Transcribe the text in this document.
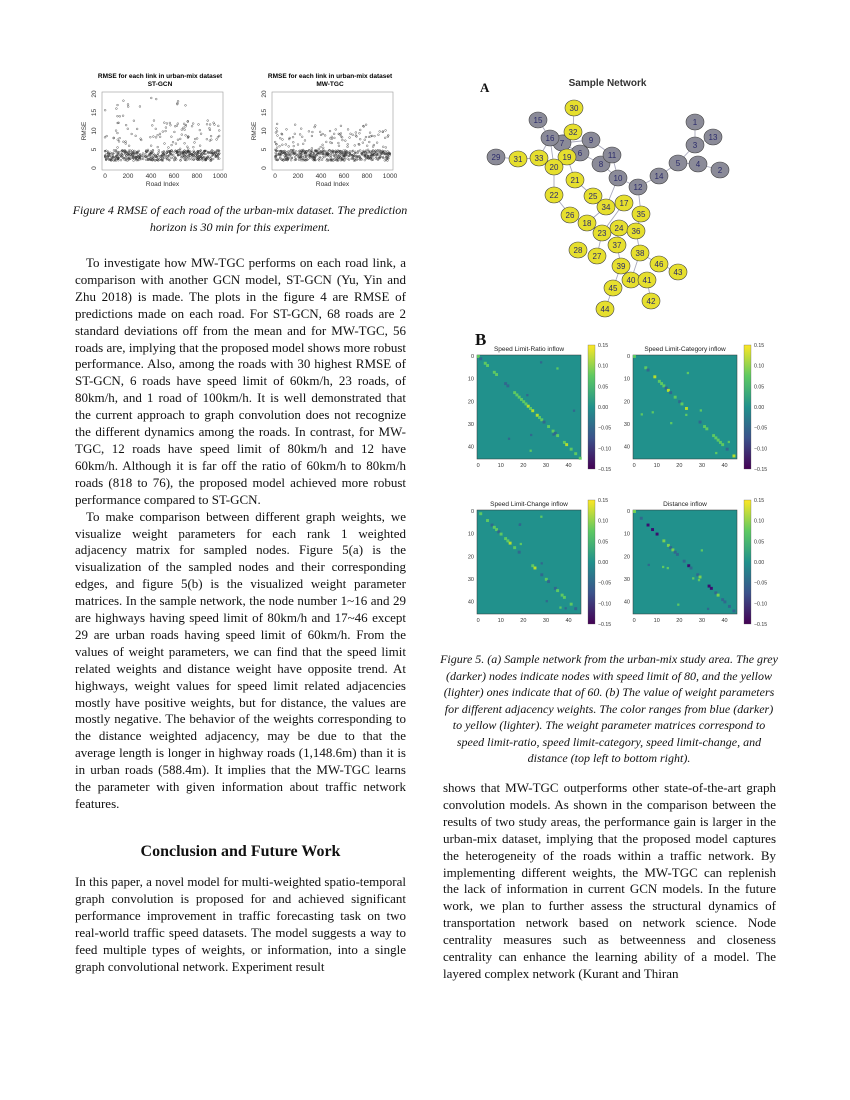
RMSE for each link in urban-mix dataset
ST-GCN
0 200 400 600 800 1000
0
5
10
15
20
Road Index
RMSE
RMSE for each link in urban-mix dataset
MW-TGC
0 200 400 600 800 1000
0
5
10
15
20
Road Index
RMSE
Figure 4 RMSE of each road of the urban-mix dataset. The prediction horizon is 30 min for this experiment.

To investigate how MW-TGC performs on each road link, a comparison with another GCN model, ST-GCN (Yu, Yin and Zhu 2018) is made. The plots in the figure 4 are RMSE of predictions made on each road. For ST-GCN, 68 roads are 2 standard deviations off from the mean and for MW-TGC, 56 roads are, implying that the proposed model shows more robust performance. Also, among the roads with 30 highest RMSE of ST-GCN, 6 roads have speed limit of 60km/h, 23 roads, of 80km/h, and 1 road of 100km/h. It is well demonstrated that the current approach to graph convolution does not recognize the different dynamics among the roads. In contrast, for MW-TGC, 12 roads have speed limit of 80km/h and 12 have 60km/h. Although it is far off the ratio of 60km/h to 80km/h roads (818 to 76), the proposed model achieved more robust performance compared to ST-GCN.

To make comparison between different graph weights, we visualize weight parameters for each rank 1 weighted adjacency matrix for sampled nodes. Figure 5(a) is the visualization of the sampled nodes and their corresponding edges, and figure 5(b) is the visualized weight parameter matrices. In the sample network, the node number 1~16 and 29 are highways having speed limit of 80km/h and 17~46 except 29 are urban roads having speed limit of 60km/h. From the values of weight parameters, we can find that the speed limit related weights and distance weight have opposite trend. At highways, weight values for speed limit related adjacencies mostly have positive weights, but for distance, the values are mostly negative. The behavior of the weights corresponding to the distance weighted adjacency, may be due to that the average length is longer in highway roads (1,148.6m) than it is in urban roads (588.4m). It implies that the MW-TGC learns the parameter with given information about traffic network features.

Conclusion and Future Work

In this paper, a novel model for multi-weighted spatio-temporal graph convolution is proposed for and achieved significant performance improvement in traffic forecasting task on two real-world traffic speed datasets. The model suggests a way to feed multiple types of weights, or information, into a single graph convolutional network. Experiment result

A	Sample Network
1
2
3
4
5
6
7
8
9
10
11
12
13
14
15
16
17
18
19
20
21
22
23
24
25
26
27
28
29
30
31
32
33
34
35
36
37
38
39
40 41
42
43
44
45
46
B
Speed Limit-Ratio inflow
0	10	20	30	40
0
10
20
30
40
0.15
0.10
0.05
0.00
−0.05
−0.10
−0.15
Speed Limit-Category inflow
0	10	20	30	40
0
10
20
30
40
0.15
0.10
0.05
0.00
−0.05
−0.10
−0.15
Speed Limit-Change inflow
0	10	20	30	40
0
10
20
30
40
0.15
0.10
0.05
0.00
−0.05
−0.10
−0.15
Distance inflow
0	10	20	30	40
0
10
20
30
40
0.15
0.10
0.05
0.00
−0.05
−0.10
−0.15
Figure 5. (a) Sample network from the urban-mix study area. The grey (darker) nodes indicate nodes with speed limit of 80, and the yellow (lighter) ones indicate that of 60. (b) The value of weight parameters for different adjacency weights. The color ranges from blue (darker) to yellow (lighter). The weight parameter matrices correspond to speed limit-ratio, speed limit-category, speed limit-change, and distance (top left to bottom right).

shows that MW-TGC outperforms other state-of-the-art graph convolution models. As shown in the comparison between the results of two study areas, the performance gain is larger in the urban-mix dataset, implying that the proposed model captures the heterogeneity of the roads within a traffic network. By implementing different weights, the MW-TGC can replenish the lack of information in current GCN models. In the future work, we plan to further assess the structural dynamics of transportation network based on network science. Node centrality measures such as betweenness and closeness centrality can enhance the learning ability of a model. The layered complex network (Kurant and Thiran
